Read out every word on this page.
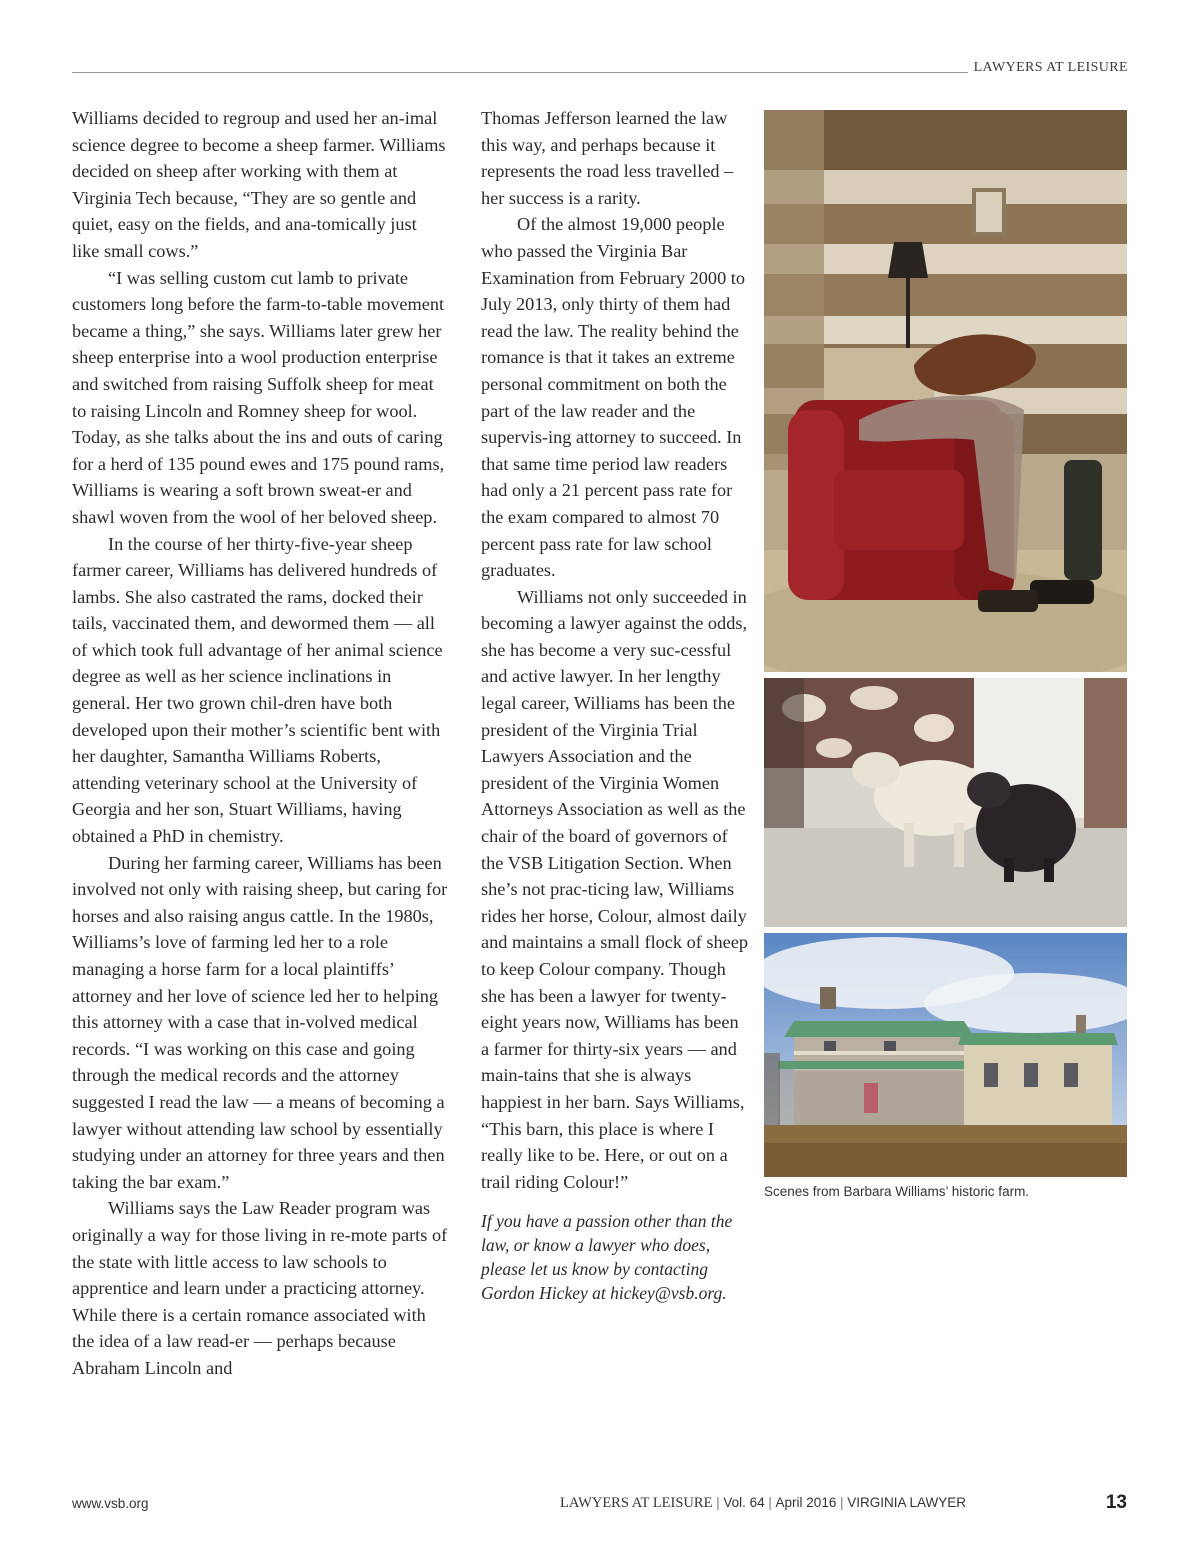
LAWYERS AT LEISURE

Williams decided to regroup and used her an-imal science degree to become a sheep farmer. Williams decided on sheep after working with them at Virginia Tech because, “They are so gentle and quiet, easy on the fields, and ana-tomically just like small cows.”

“I was selling custom cut lamb to private customers long before the farm-to-table movement became a thing,” she says. Williams later grew her sheep enterprise into a wool production enterprise and switched from raising Suffolk sheep for meat to raising Lincoln and Romney sheep for wool. Today, as she talks about the ins and outs of caring for a herd of 135 pound ewes and 175 pound rams, Williams is wearing a soft brown sweat-er and shawl woven from the wool of her beloved sheep.

In the course of her thirty-five-year sheep farmer career, Williams has delivered hundreds of lambs. She also castrated the rams, docked their tails, vaccinated them, and dewormed them — all of which took full advantage of her animal science degree as well as her science inclinations in general. Her two grown chil-dren have both developed upon their mother’s scientific bent with her daughter, Samantha Williams Roberts, attending veterinary school at the University of Georgia and her son, Stuart Williams, having obtained a PhD in chemistry.

During her farming career, Williams has been involved not only with raising sheep, but caring for horses and also raising angus cattle. In the 1980s, Williams’s love of farming led her to a role managing a horse farm for a local plaintiffs’ attorney and her love of science led her to helping this attorney with a case that in-volved medical records. “I was working on this case and going through the medical records and the attorney suggested I read the law — a means of becoming a lawyer without attending law school by essentially studying under an attorney for three years and then taking the bar exam.”

Williams says the Law Reader program was originally a way for those living in re-mote parts of the state with little access to law schools to apprentice and learn under a practicing attorney. While there is a certain romance associated with the idea of a law read-er — perhaps because Abraham Lincoln and

Thomas Jefferson learned the law this way, and perhaps because it represents the road less travelled – her success is a rarity.

Of the almost 19,000 people who passed the Virginia Bar Examination from February 2000 to July 2013, only thirty of them had read the law. The reality behind the romance is that it takes an extreme personal commitment on both the part of the law reader and the supervis-ing attorney to succeed. In that same time period law readers had only a 21 percent pass rate for the exam compared to almost 70 percent pass rate for law school graduates.

Williams not only succeeded in becoming a lawyer against the odds, she has become a very suc-cessful and active lawyer. In her lengthy legal career, Williams has been the president of the Virginia Trial Lawyers Association and the president of the Virginia Women Attorneys Association as well as the chair of the board of governors of the VSB Litigation Section. When she’s not prac-ticing law, Williams rides her horse, Colour, almost daily and maintains a small flock of sheep to keep Colour company. Though she has been a lawyer for twenty-eight years now, Williams has been a farmer for thirty-six years — and main-tains that she is always happiest in her barn. Says Williams, “This barn, this place is where I really like to be. Here, or out on a trail riding Colour!”

If you have a passion other than the law, or know a lawyer who does, please let us know by contacting Gordon Hickey at hickey@vsb.org.

Scenes from Barbara Williams’ historic farm.
www.vsb.org	LAWYERS AT LEISURE | Vol. 64 | April 2016 | VIRGINIA LAWYER	13
